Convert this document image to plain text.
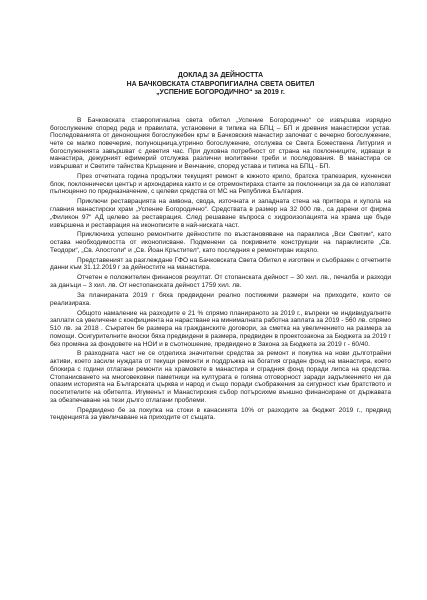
ДОКЛАД ЗА ДЕЙНОСТТА
НА БАЧКОВСКАТА СТАВРОПИГИАЛНА СВЕТА ОБИТЕЛ
„УСПЕНИЕ БОГОРОДИЧНО“ за 2019 г.

В Бачковската ставропигиална света обител „Успение Богородично“ се извършва изрядно богослужение според реда и правилата, установени в типика на БПЦ – БП и древния манастирски устав. Последованията от денонощния богослужебен кръг в Бачковския манастир започват с вечерно богослужение, чете се малко повечерие, полунощница,утринно богослужение, отслужва се Света Божествена Литургия и богослуженията завършват с деветия час. При духовна потребност от страна на поклонниците, идващи в манастира, дежурният ефимерий отслужва различни молитвени треби и последования. В манастира се извършват и Светите тайнства Кръщение и Венчание, според уставa и типика на БПЦ - БП.

През отчетната година продължи текущият ремонт в южното крило, братска трапезария, кухненски блок, поклоннически център и архондарика както и се отремонтираха стаите за поклонници за да се използват пълноценно по предназначение, с целеви средства от МС на Република България.

Приключи реставрацията на амвона, сводa, източната и западната стена на притвора и купола на главния манастирски храм „Успение Богородично“. Средствата в размер на 32 000 лв., са дарени от фирма „Филикон 97“ АД целево за реставрация. След решаване въпроса с хидроизолацията на храма ще бъде извършена и реставрация на иконописите в най-ниската част.

Приключиха успешно ремонтните дейностите по възстановяване на параклиса „Вси Светии“, като остава необходимостта от иконописване. Подменени са покривните конструкции на параклисите „Св. Теодори“, „Св. Апостоли“ и „Св. Йоан Кръстител“, като последния е ремонтиран изцяло.

Представеният за разглеждане ГФО на Бачковската Света Обител е изготвен и съобразен с отчетните данни към 31.12.2019 г за дейностите на манастира.

Отчетен е положителен финансов резултат. От стопанската дейност – 30 хил. лв., печалба и разходи за данъци – 3 хил. лв. От нестопанската дейност 1759 хил. лв.

За планираната 2019 г бяха предвидени реално постижими размери на приходите, които се реализираха.

Общото намаление на разходите е 21 % спрямо планираното за 2019 г., въпреки че индивидуалните заплати са увеличени с коефициента на нарастване на минималната работна заплата за 2019 - 560 лв. спрямо 510 лв. за 2018 . Съкратен бе размера на гражданските договори, за сметка на увеличението на размера за помощи. Осигурителните вноски бяха предвидени в размера, предвиден в проектозакона за Бюджета за 2019 г без промяна за фондовете на НОИ и в съотношение, предвидено в Закона за Бюджета за 2019 г - 60/40.

В разходната част не се отделиха значителни средства за ремонт и покупка на нови дълготрайни активи, което засили нуждата от текущи ремонти и поддръжка на богатия сграден фонд на манастира, което блокира с години отлагани ремонти на храмовете в манастира и сградния фонд поради липса на средства. Стопанисването на многовековни паметници на културата е голяма отговорност заради задължението ни да опазим историята на Българската църква и народ и също поради съображения за сигурност към братството и посетителите на обителта. Игуменът и Манастирския събор потърсихме външно финансиране от държавата за обезпечаване на тези дълго отлагани проблеми.

Предвидено бе за покупка на стоки в канасикята 10% от разходите за бюджет 2019 г., предвид тенденцията за увеличаване на приходите от същата.
